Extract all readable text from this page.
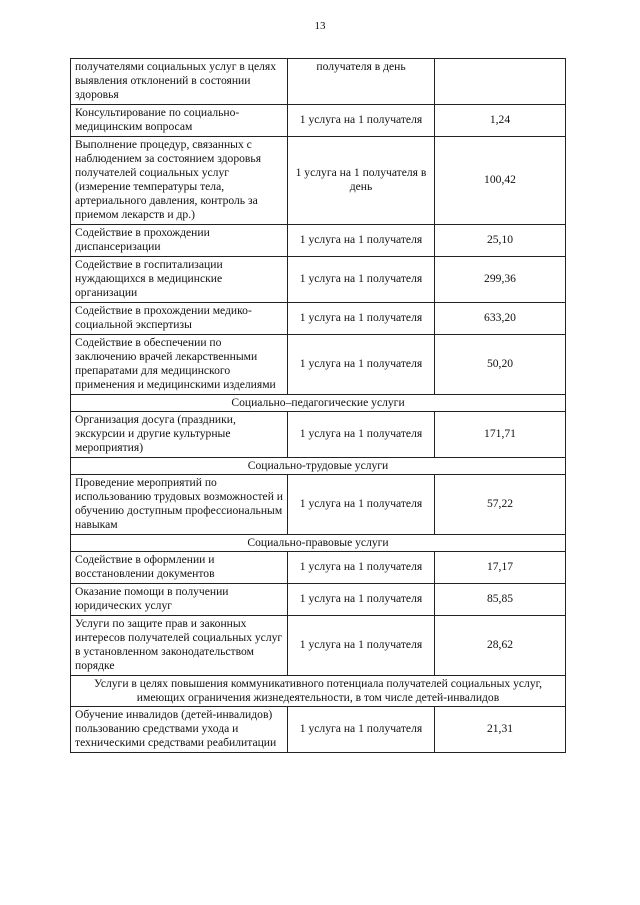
13
получателями социальных услуг в целях выявления отклонений в состоянии здоровья	получателя в день	
Консультирование по социально-медицинским вопросам	1 услуга на 1 получателя	1,24
Выполнение процедур, связанных с наблюдением за состоянием здоровья получателей социальных услуг (измерение температуры тела, артериального давления, контроль за приемом лекарств и др.)	1 услуга на 1 получателя в день	100,42
Содействие в прохождении диспансеризации	1 услуга на 1 получателя	25,10
Содействие в госпитализации нуждающихся в медицинские организации	1 услуга на 1 получателя	299,36
Содействие в прохождении медико-социальной экспертизы	1 услуга на 1 получателя	633,20
Содействие в обеспечении по заключению врачей лекарственными препаратами для медицинского применения и медицинскими изделиями	1 услуга на 1 получателя	50,20
Социально–педагогические услуги		
Организация досуга (праздники, экскурсии и другие культурные мероприятия)	1 услуга на 1 получателя	171,71
Социально-трудовые услуги		
Проведение мероприятий по использованию трудовых возможностей и обучению доступным профессиональным навыкам	1 услуга на 1 получателя	57,22
Социально-правовые услуги		
Содействие в оформлении и восстановлении документов	1 услуга на 1 получателя	17,17
Оказание помощи в получении юридических услуг	1 услуга на 1 получателя	85,85
Услуги по защите прав и законных интересов получателей социальных услуг в установленном законодательством порядке	1 услуга на 1 получателя	28,62
Услуги в целях повышения коммуникативного потенциала получателей социальных услуг, имеющих ограничения жизнедеятельности, в том числе детей-инвалидов		
Обучение инвалидов (детей-инвалидов) пользованию средствами ухода и техническими средствами реабилитации	1 услуга на 1 получателя	21,31
